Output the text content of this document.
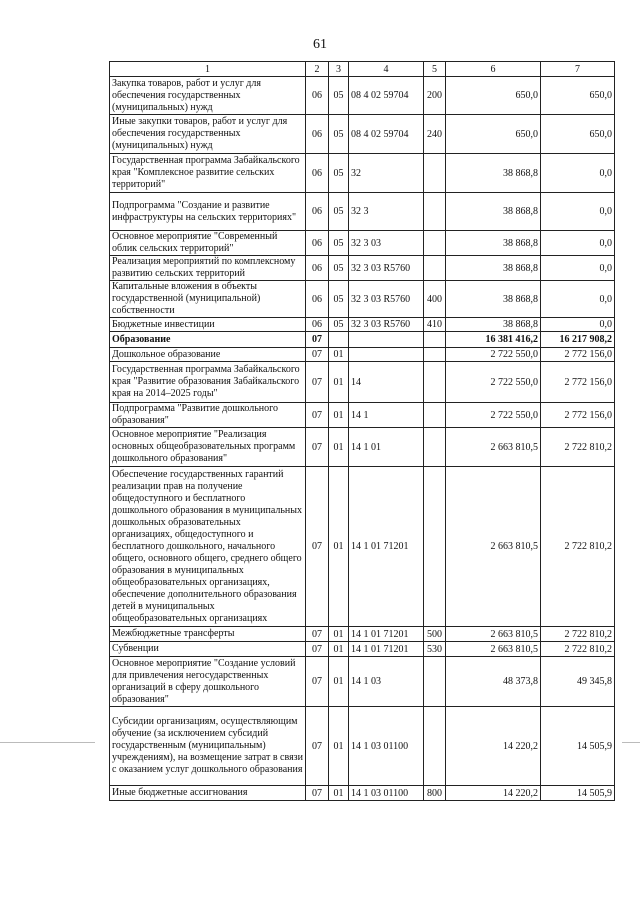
61
1	2	3	4	5	6	7
Закупка товаров, работ и услуг для обеспечения государственных (муниципальных) нужд	06	05	08 4 02 59704	200	650,0	650,0
Иные закупки товаров, работ и услуг для обеспечения государственных (муниципальных) нужд	06	05	08 4 02 59704	240	650,0	650,0
Государственная программа Забайкальского края "Комплексное развитие сельских территорий"	06	05	32		38 868,8	0,0
Подпрограмма "Создание и развитие инфраструктуры на сельских территориях"	06	05	32 3		38 868,8	0,0
Основное мероприятие "Современный облик сельских территорий"	06	05	32 3 03		38 868,8	0,0
Реализация мероприятий по комплексному развитию сельских территорий	06	05	32 3 03 R5760		38 868,8	0,0
Капитальные вложения в объекты государственной (муниципальной) собственности	06	05	32 3 03 R5760	400	38 868,8	0,0
Бюджетные инвестиции	06	05	32 3 03 R5760	410	38 868,8	0,0
Образование	07				16 381 416,2	16 217 908,2
Дошкольное образование	07	01			2 722 550,0	2 772 156,0
Государственная программа Забайкальского края "Развитие образования Забайкальского края на 2014–2025 годы"	07	01	14		2 722 550,0	2 772 156,0
Подпрограмма "Развитие дошкольного образования"	07	01	14 1		2 722 550,0	2 772 156,0
Основное мероприятие "Реализация основных общеобразовательных программ дошкольного образования"	07	01	14 1 01		2 663 810,5	2 722 810,2
Обеспечение государственных гарантий реализации прав на получение общедоступного и бесплатного дошкольного образования в муниципальных дошкольных образовательных организациях, общедоступного и бесплатного дошкольного, начального общего, основного общего, среднего общего образования в муниципальных общеобразовательных организациях, обеспечение дополнительного образования детей в муниципальных общеобразовательных организациях	07	01	14 1 01 71201		2 663 810,5	2 722 810,2
Межбюджетные трансферты	07	01	14 1 01 71201	500	2 663 810,5	2 722 810,2
Субвенции	07	01	14 1 01 71201	530	2 663 810,5	2 722 810,2
Основное мероприятие "Создание условий для привлечения негосударственных организаций в сферу дошкольного образования"	07	01	14 1 03		48 373,8	49 345,8
Субсидии организациям, осуществляющим обучение (за исключением субсидий государственным (муниципальным) учреждениям), на возмещение затрат в связи с оказанием услуг дошкольного образования	07	01	14 1 03 01100		14 220,2	14 505,9
Иные бюджетные ассигнования	07	01	14 1 03 01100	800	14 220,2	14 505,9
